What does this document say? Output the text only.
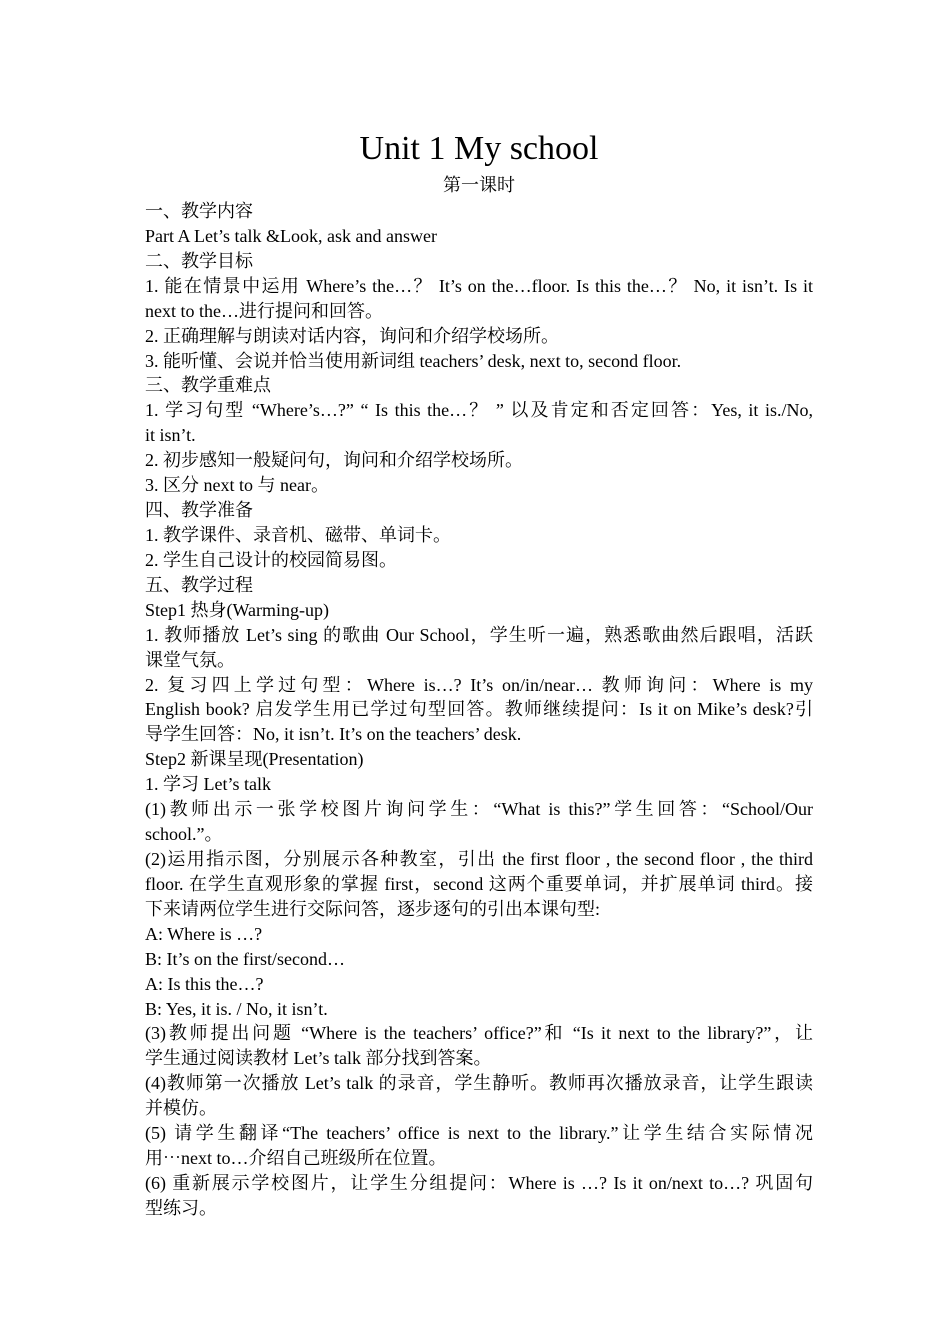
Unit 1 My school
第一课时
一、教学内容
Part A Let’s talk &Look, ask and answer
二、教学目标
1. 能在情景中运用 Where’s the…？ It’s on the…floor. Is this the…？ No, it isn’t. Is it
next to the…进行提问和回答。
2. 正确理解与朗读对话内容，询问和介绍学校场所。
3. 能听懂、会说并恰当使用新词组 teachers’ desk, next to, second floor.
三、教学重难点
1. 学习句型 “Where’s…?” “ Is this the…？ ” 以及肯定和否定回答：Yes, it is./No,
it isn’t.
2. 初步感知一般疑问句，询问和介绍学校场所。
3. 区分 next to 与 near。
四、教学准备
1. 教学课件、录音机、磁带、单词卡。
2. 学生自己设计的校园简易图。
五、教学过程
Step1 热身(Warming-up)
1. 教师播放 Let’s sing 的歌曲 Our School，学生听一遍，熟悉歌曲然后跟唱，活跃
课堂气氛。
2. 复习四上学过句型：Where is…? It’s on/in/near… 教师询问：Where is my
English book? 启发学生用已学过句型回答。教师继续提问：Is it on Mike’s desk?引
导学生回答：No, it isn’t. It’s on the teachers’ desk.
Step2 新课呈现(Presentation)
1. 学习 Let’s talk
(1)教师出示一张学校图片询问学生：“What is this?”学生回答：“School/Our
school.”。
(2)运用指示图，分别展示各种教室，引出 the first floor , the second floor , the third
floor. 在学生直观形象的掌握 first，second 这两个重要单词，并扩展单词 third。接
下来请两位学生进行交际问答，逐步逐句的引出本课句型:
A: Where is …?
B: It’s on the first/second…
A: Is this the…?
B: Yes, it is. / No, it isn’t.
(3)教师提出问题 “Where is the teachers’ office?”和 “Is it next to the library?”，让
学生通过阅读教材 Let’s talk 部分找到答案。
(4)教师第一次播放 Let’s talk 的录音，学生静听。教师再次播放录音，让学生跟读
并模仿。
(5) 请学生翻译“The teachers’ office is next to the library.”让学生结合实际情况
用⋯next to…介绍自己班级所在位置。
(6) 重新展示学校图片，让学生分组提问：Where is …? Is it on/next to…? 巩固句
型练习。
